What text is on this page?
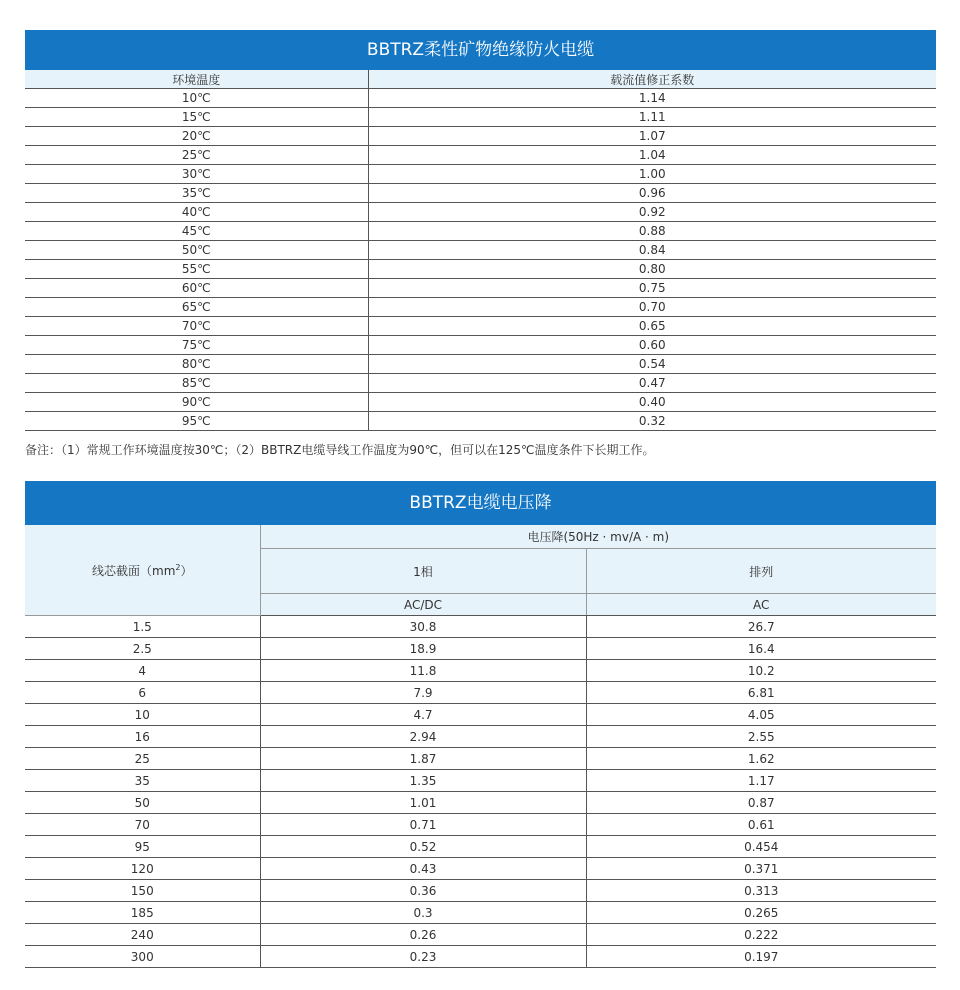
BBTRZ柔性矿物绝缘防火电缆
环境温度	载流值修正系数
10℃	1.14
15℃	1.11
20℃	1.07
25℃	1.04
30℃	1.00
35℃	0.96
40℃	0.92
45℃	0.88
50℃	0.84
55℃	0.80
60℃	0.75
65℃	0.70
70℃	0.65
75℃	0.60
80℃	0.54
85℃	0.47
90℃	0.40
95℃	0.32
备注：（1）常规工作环境温度按30℃；（2）BBTRZ电缆导线工作温度为90℃，但可以在125℃温度条件下长期工作。
BBTRZ电缆电压降
线芯截面$(mm^2)$	电压降(50Hz · mv/A · m)	
	1相	排列
	AC/DC	AC
1.5	30.8	26.7
2.5	18.9	16.4
4	11.8	10.2
6	7.9	6.81
10	4.7	4.05
16	2.94	2.55
25	1.87	1.62
35	1.35	1.17
50	1.01	0.87
70	0.71	0.61
95	0.52	0.454
120	0.43	0.371
150	0.36	0.313
185	0.3	0.265
240	0.26	0.222
300	0.23	0.197
